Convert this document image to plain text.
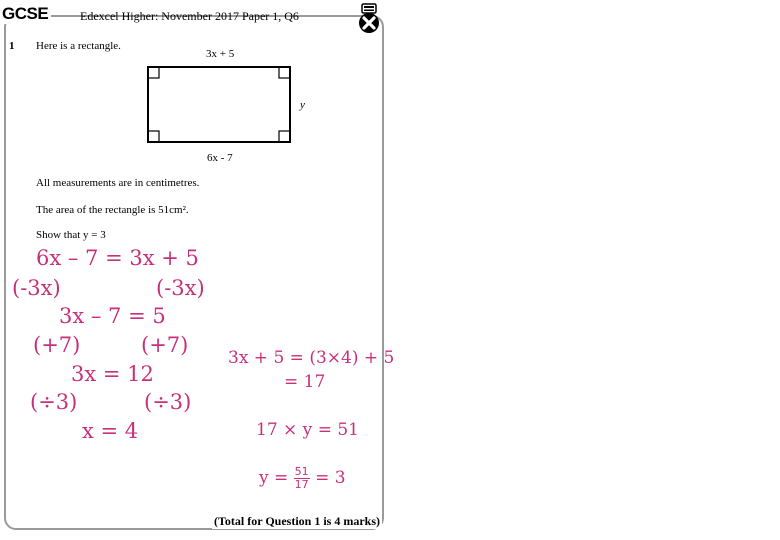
GCSE	Edexcel Higher: November 2017 Paper 1, Q6
1 Here is a rectangle.
3x + 5
y
6x - 7
All measurements are in centimetres.
The area of the rectangle is 51cm².
Show that y = 3
6x – 7 = 3x + 5
(-3x)	(-3x)
3x – 7 = 5
(+7)	(+7)
3x = 12
(÷3)	(÷3)
x = 4
3x + 5 = (3×4) + 5
= 17
17 × y = 51
$y = \frac{51}{17} = 3$
(Total for Question 1 is 4 marks)
